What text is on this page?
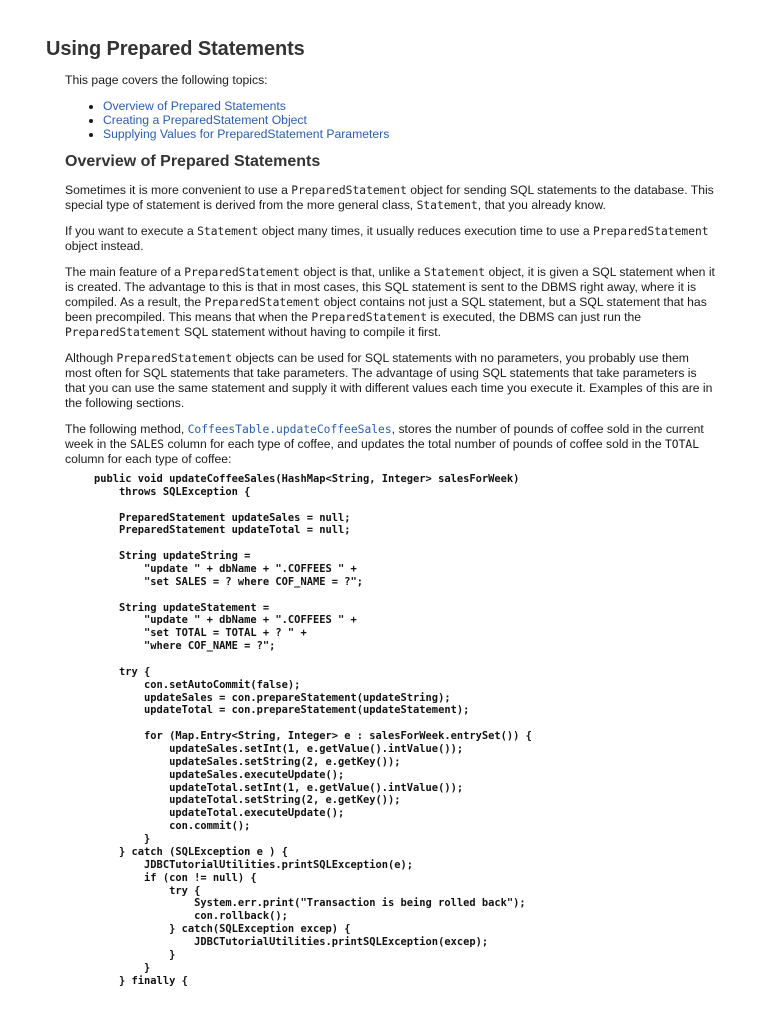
Using Prepared Statements

This page covers the following topics:

• Overview of Prepared Statements
• Creating a PreparedStatement Object
• Supplying Values for PreparedStatement Parameters
Overview of Prepared Statements

Sometimes it is more convenient to use a PreparedStatement object for sending SQL statements to the database. This special type of statement is derived from the more general class, Statement, that you already know.

If you want to execute a Statement object many times, it usually reduces execution time to use a PreparedStatement object instead.

The main feature of a PreparedStatement object is that, unlike a Statement object, it is given a SQL statement when it is created. The advantage to this is that in most cases, this SQL statement is sent to the DBMS right away, where it is compiled. As a result, the PreparedStatement object contains not just a SQL statement, but a SQL statement that has been precompiled. This means that when the PreparedStatement is executed, the DBMS can just run the PreparedStatement SQL statement without having to compile it first.

Although PreparedStatement objects can be used for SQL statements with no parameters, you probably use them most often for SQL statements that take parameters. The advantage of using SQL statements that take parameters is that you can use the same statement and supply it with different values each time you execute it. Examples of this are in the following sections.

The following method, CoffeesTable.updateCoffeeSales, stores the number of pounds of coffee sold in the current week in the SALES column for each type of coffee, and updates the total number of pounds of coffee sold in the TOTAL column for each type of coffee:

public void updateCoffeeSales(HashMap<String, Integer> salesForWeek)
throws SQLException {

PreparedStatement updateSales = null;
PreparedStatement updateTotal = null;

String updateString =
"update " + dbName + ".COFFEES " +
"set SALES = ? where COF_NAME = ?";

String updateStatement =
"update " + dbName + ".COFFEES " +
"set TOTAL = TOTAL + ? " +
"where COF_NAME = ?";

try {
con.setAutoCommit(false);
updateSales = con.prepareStatement(updateString);
updateTotal = con.prepareStatement(updateStatement);

for (Map.Entry<String, Integer> e : salesForWeek.entrySet()) {
updateSales.setInt(1, e.getValue().intValue());
updateSales.setString(2, e.getKey());
updateSales.executeUpdate();
updateTotal.setInt(1, e.getValue().intValue());
updateTotal.setString(2, e.getKey());
updateTotal.executeUpdate();
con.commit();
}
} catch (SQLException e ) {
JDBCTutorialUtilities.printSQLException(e);
if (con != null) {
try {
System.err.print("Transaction is being rolled back");
con.rollback();
} catch(SQLException excep) {
JDBCTutorialUtilities.printSQLException(excep);
}
}
} finally {
